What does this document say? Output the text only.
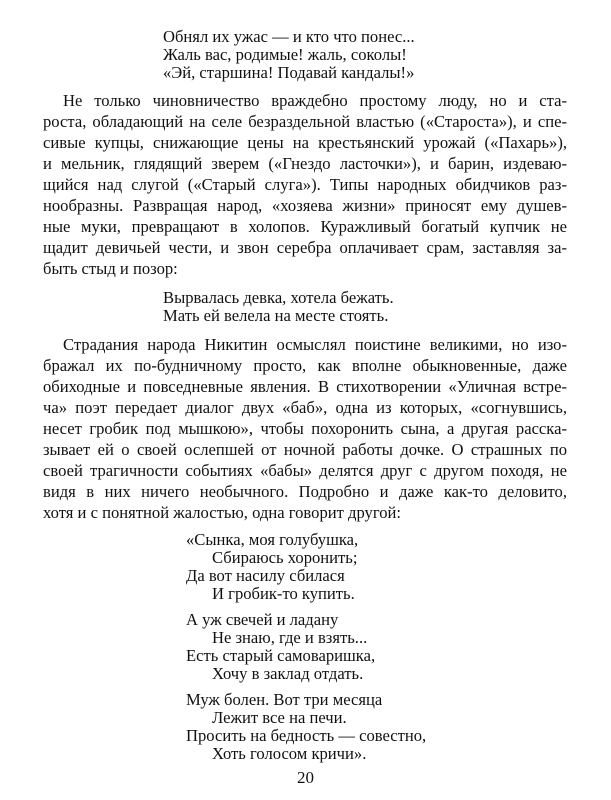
Обнял их ужас — и кто что понес...
Жаль вас, родимые! жаль, соколы!
«Эй, старшина! Подавай кандалы!»
Не только чиновничество враждебно простому люду, но и ста-
роста, обладающий на селе безраздельной властью («Староста»), и спе-
сивые купцы, снижающие цены на крестьянский урожай («Пахарь»),
и мельник, глядящий зверем («Гнездо ласточки»), и барин, издеваю-
щийся над слугой («Старый слуга»). Типы народных обидчиков раз-
нообразны. Развращая народ, «хозяева жизни» приносят ему душев-
ные муки, превращают в холопов. Куражливый богатый купчик не
щадит девичьей чести, и звон серебра оплачивает срам, заставляя за-
быть стыд и позор:
Вырвалась девка, хотела бежать.
Мать ей велела на месте стоять.
Страдания народа Никитин осмыслял поистине великими, но изо-
бражал их по-будничному просто, как вполне обыкновенные, даже
обиходные и повседневные явления. В стихотворении «Уличная встре-
ча» поэт передает диалог двух «баб», одна из которых, «согнувшись,
несет гробик под мышкою», чтобы похоронить сына, а другая расска-
зывает ей о своей ослепшей от ночной работы дочке. О страшных по
своей трагичности событиях «бабы» делятся друг с другом походя, не
видя в них ничего необычного. Подробно и даже как-то деловито,
хотя и с понятной жалостью, одна говорит другой:
«Сынка, моя голубушка,
Сбираюсь хоронить;
Да вот насилу сбилася
И гробик-то купить.
А уж свечей и ладану
Не знаю, где и взять...
Есть старый самоваришка,
Хочу в заклад отдать.
Муж болен. Вот три месяца
Лежит все на печи.
Просить на бедность — совестно,
Хоть голосом кричи».
20
